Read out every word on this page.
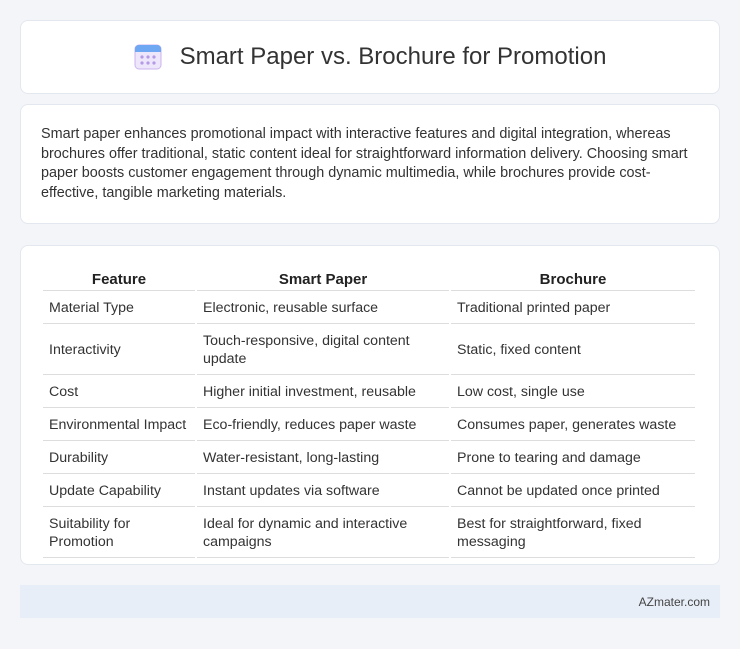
Smart Paper vs. Brochure for Promotion

Smart paper enhances promotional impact with interactive features and digital integration, whereas brochures offer traditional, static content ideal for straightforward information delivery. Choosing smart paper boosts customer engagement through dynamic multimedia, while brochures provide cost-effective, tangible marketing materials.

Feature	Smart Paper	Brochure
Material Type	Electronic, reusable surface	Traditional printed paper
Interactivity	Touch-responsive, digital content update	Static, fixed content
Cost	Higher initial investment, reusable	Low cost, single use
Environmental Impact	Eco-friendly, reduces paper waste	Consumes paper, generates waste
Durability	Water-resistant, long-lasting	Prone to tearing and damage
Update Capability	Instant updates via software	Cannot be updated once printed
Suitability for Promotion	Ideal for dynamic and interactive campaigns	Best for straightforward, fixed messaging
AZmater.com
